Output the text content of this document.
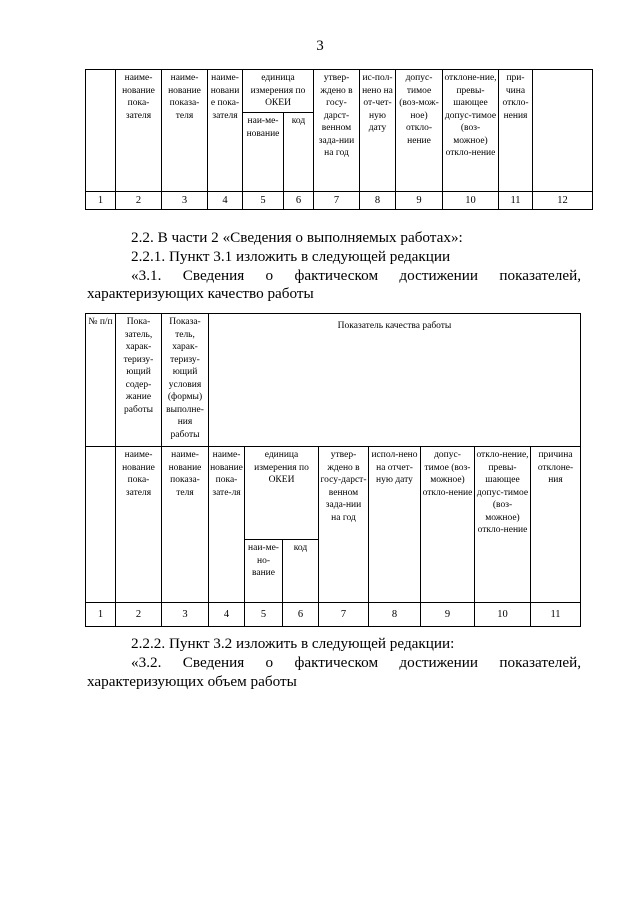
3
	наиме-нование пока-зателя	наиме-нование показа-теля	наиме-нование пока-зателя	единица измерения по ОКЕИ		утвер-ждено в госу-дарст-венном зада-нии на год	ис-пол-нено на от-чет-ную дату	допус-тимое (воз-мож-ное) откло-нение	отклоне-ние, превы-шающее допус-тимое (воз-можное) откло-нение	при-чина откло-нения	
				наи-ме-нование	код						
1	2	3	4	5	6	7	8	9	10	11	12
2.2. В части 2 «Сведения о выполняемых работах»:
2.2.1. Пункт 3.1 изложить в следующей редакции
«3.1. Сведения о фактическом достижении показателей,
характеризующих качество работы
№ п/п	Пока-затель, харак-теризу-ющий содер-жание работы	Показа-тель, харак-теризу-ющий условия (формы) выполне-ния работы	Показатель качества работы							
	наиме-нование пока-зателя	наиме-нование показа-теля	наиме-нование пока-зате-ля	единица измерения по ОКЕИ		утвер-ждено в госу-дарст-венном зада-нии на год	испол-нено на отчет-ную дату	допус-тимое (воз-можное) откло-нение	откло-нение, превы-шающее допус-тимое (воз-можное) откло-нение	причина отклоне-ния
				наи-ме-но-вание	код					
1	2	3	4	5	6	7	8	9	10	11
2.2.2. Пункт 3.2 изложить в следующей редакции:
«3.2. Сведения о фактическом достижении показателей,
характеризующих объем работы
